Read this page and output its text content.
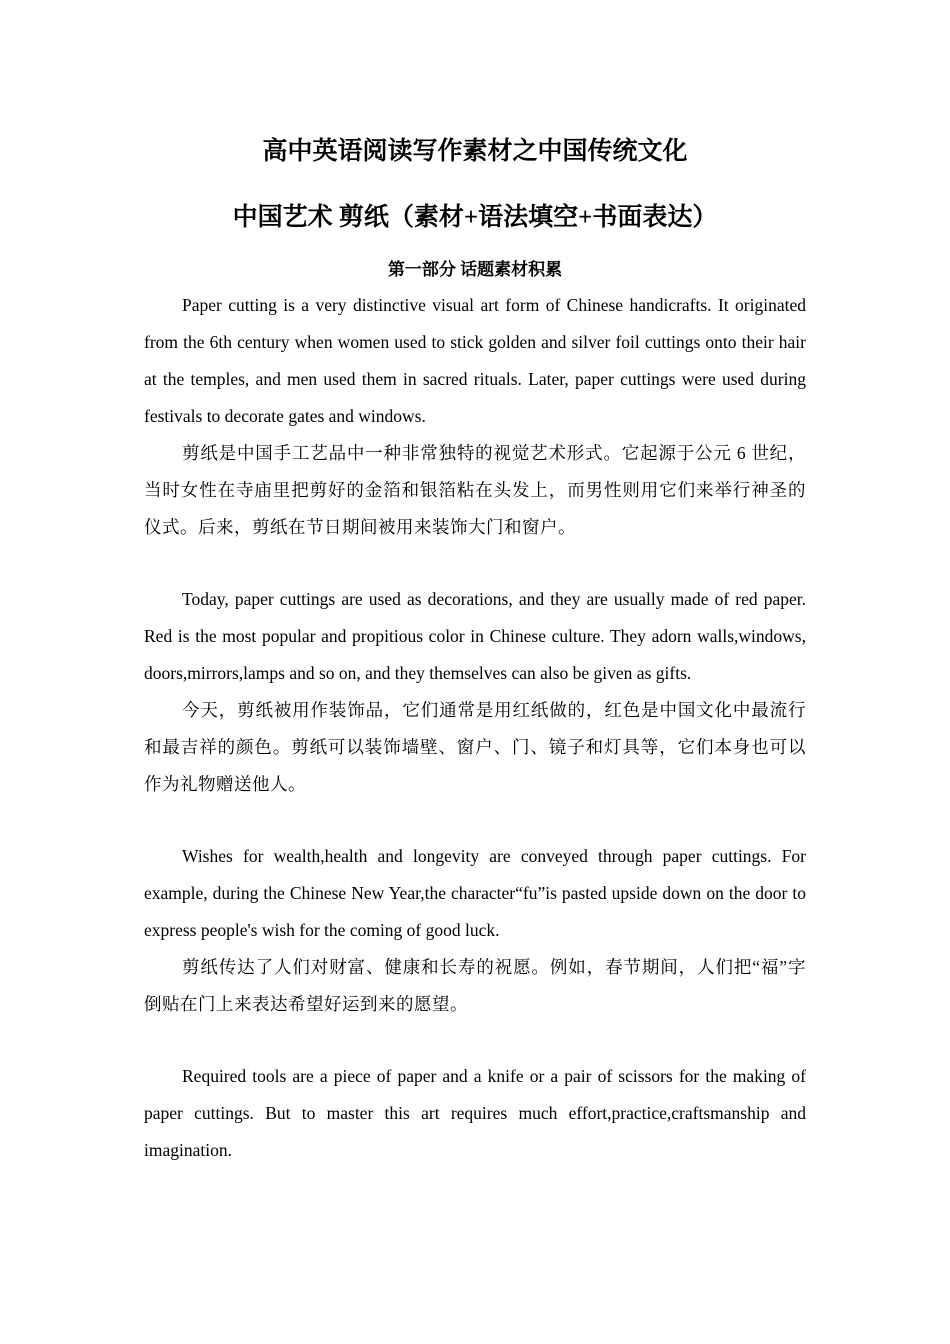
高中英语阅读写作素材之中国传统文化
中国艺术 剪纸（素材+语法填空+书面表达）
第一部分 话题素材积累

Paper cutting is a very distinctive visual art form of Chinese handicrafts. It originated from the 6th century when women used to stick golden and silver foil cuttings onto their hair at the temples, and men used them in sacred rituals. Later, paper cuttings were used during festivals to decorate gates and windows.

剪纸是中国手工艺品中一种非常独特的视觉艺术形式。它起源于公元 6 世纪，当时女性在寺庙里把剪好的金箔和银箔粘在头发上，而男性则用它们来举行神圣的仪式。后来，剪纸在节日期间被用来装饰大门和窗户。

Today, paper cuttings are used as decorations, and they are usually made of red paper. Red is the most popular and propitious color in Chinese culture. They adorn walls,windows, doors,mirrors,lamps and so on, and they themselves can also be given as gifts.

今天，剪纸被用作装饰品，它们通常是用红纸做的，红色是中国文化中最流行和最吉祥的颜色。剪纸可以装饰墙壁、窗户、门、镜子和灯具等，它们本身也可以作为礼物赠送他人。

Wishes for wealth,health and longevity are conveyed through paper cuttings. For example, during the Chinese New Year,the character“fu”is pasted upside down on the door to express people's wish for the coming of good luck.

剪纸传达了人们对财富、健康和长寿的祝愿。例如，春节期间，人们把“福”字倒贴在门上来表达希望好运到来的愿望。

Required tools are a piece of paper and a knife or a pair of scissors for the making of paper cuttings. But to master this art requires much effort,practice,craftsmanship and imagination.
